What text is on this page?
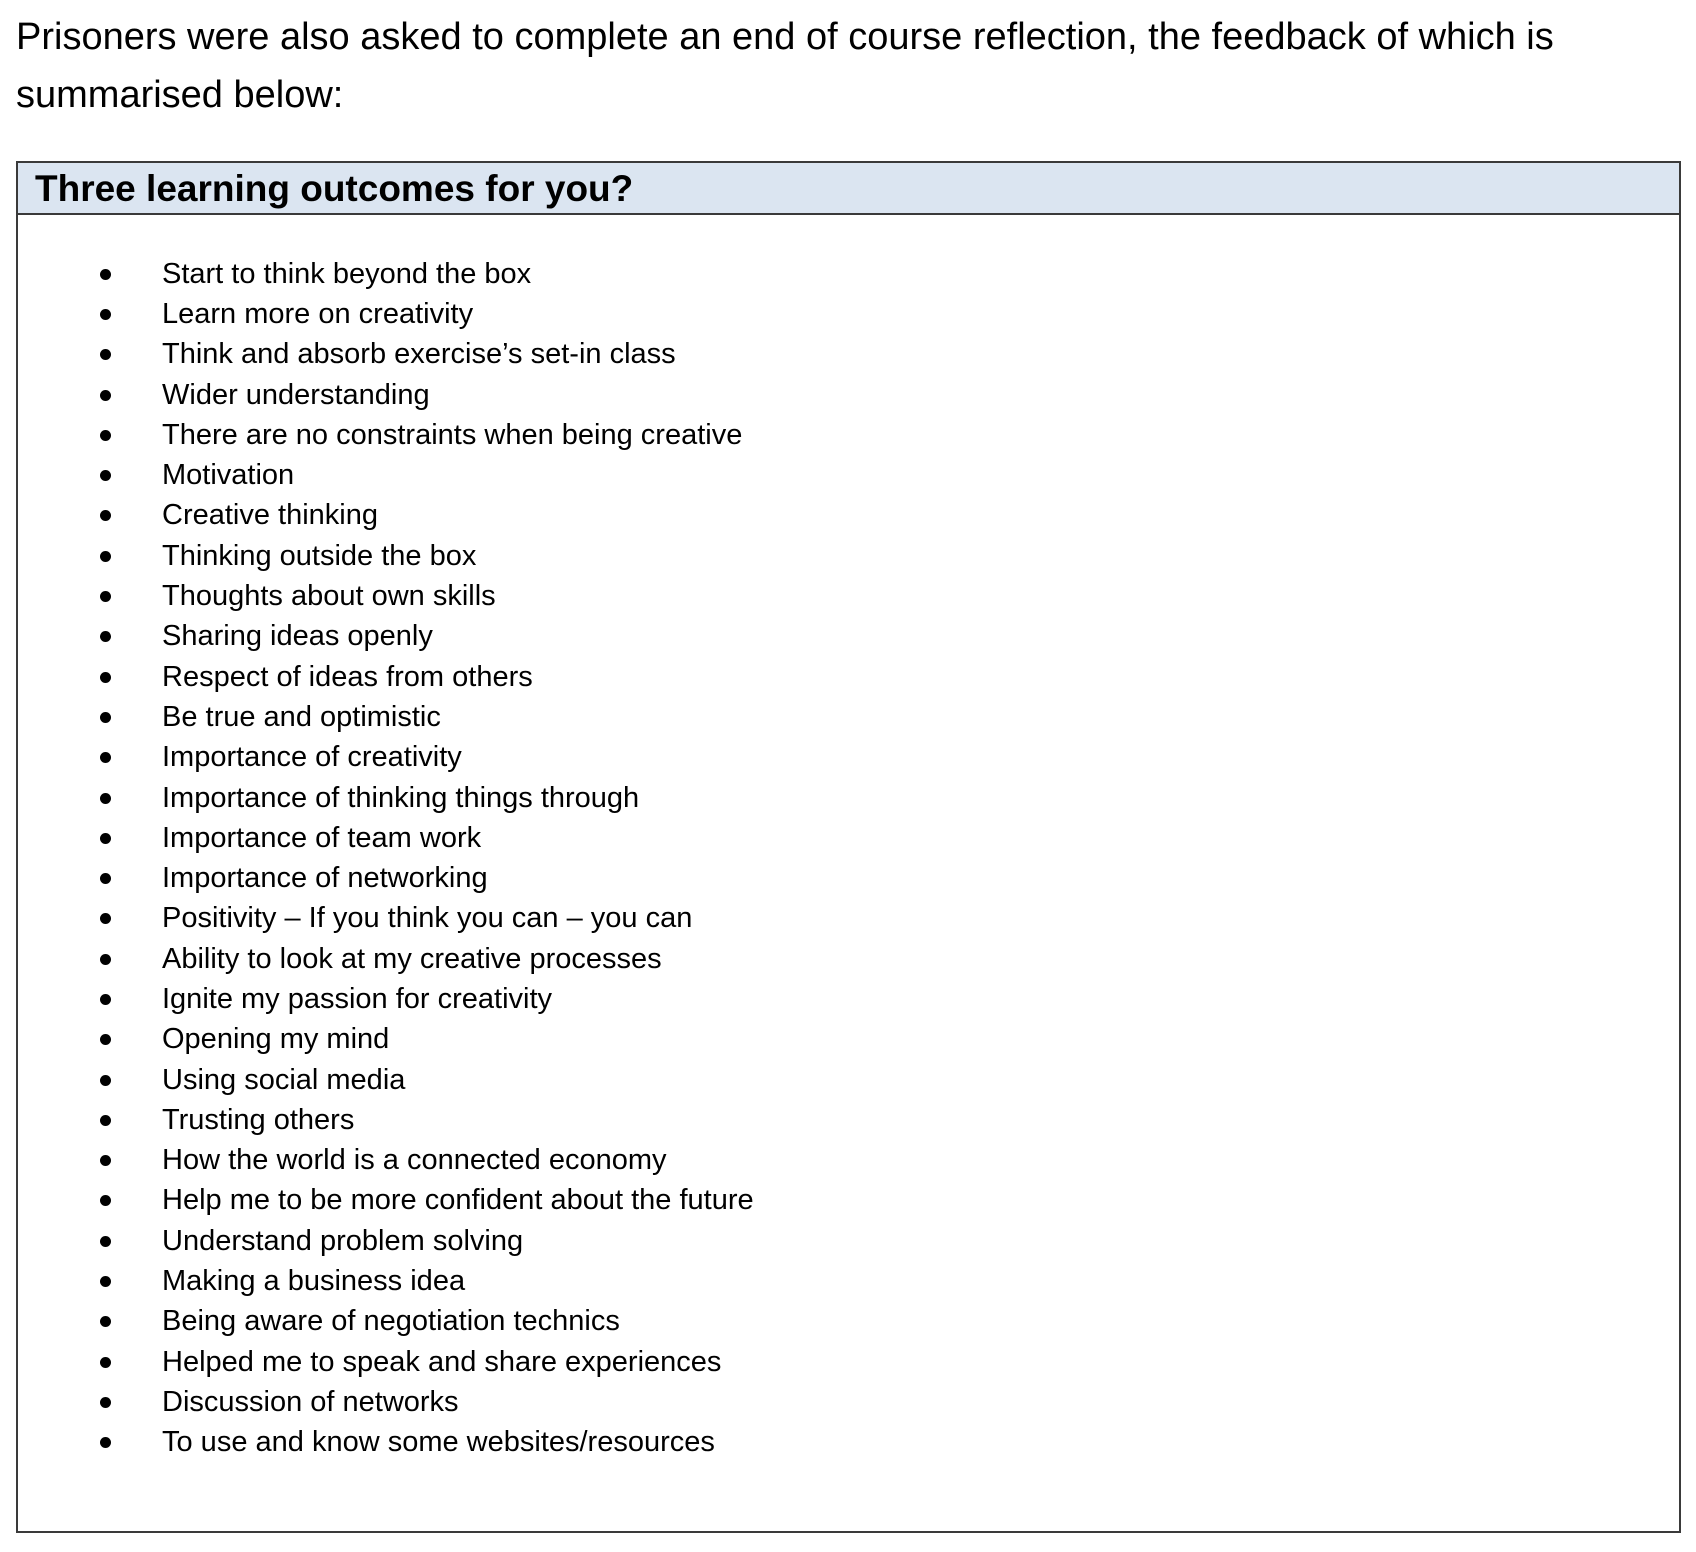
Prisoners were also asked to complete an end of course reflection, the feedback of which is summarised below:

Three learning outcomes for you?
Start to think beyond the box
Learn more on creativity
Think and absorb exercise’s set-in class
Wider understanding
There are no constraints when being creative
Motivation
Creative thinking
Thinking outside the box
Thoughts about own skills
Sharing ideas openly
Respect of ideas from others
Be true and optimistic
Importance of creativity
Importance of thinking things through
Importance of team work
Importance of networking
Positivity – If you think you can – you can
Ability to look at my creative processes
Ignite my passion for creativity
Opening my mind
Using social media
Trusting others
How the world is a connected economy
Help me to be more confident about the future
Understand problem solving
Making a business idea
Being aware of negotiation technics
Helped me to speak and share experiences
Discussion of networks
To use and know some websites/resources
